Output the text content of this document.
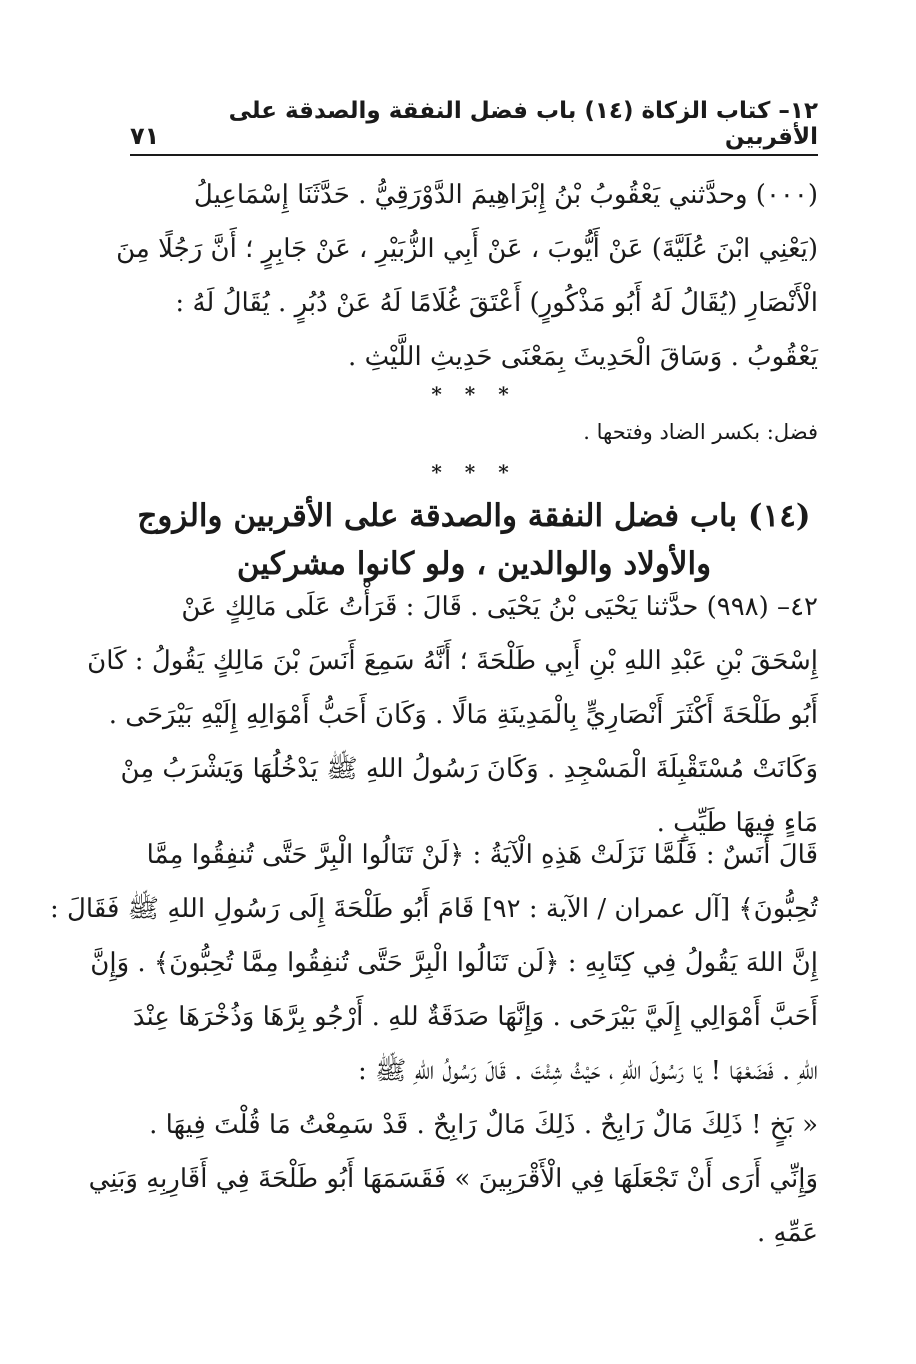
١٢– كتاب الزكاة (١٤) باب فضل النفقة والصدقة على الأقربين
٧١
(٠٠٠) وحدَّثني يَعْقُوبُ بْنُ إِبْرَاهِيمَ الدَّوْرَقِيُّ . حَدَّثَنَا إِسْمَاعِيلُ
(يَعْنِي ابْنَ عُلَيَّةَ) عَنْ أَيُّوبَ ، عَنْ أَبِي الزُّبَيْرِ ، عَنْ جَابِرٍ ؛ أَنَّ رَجُلًا مِنَ
الْأَنْصَارِ (يُقَالُ لَهُ أَبُو مَذْكُورٍ) أَعْتَقَ غُلَامًا لَهُ عَنْ دُبُرٍ . يُقَالُ لَهُ :
يَعْقُوبُ . وَسَاقَ الْحَدِيثَ بِمَعْنَى حَدِيثِ اللَّيْثِ .
* * *
فضل: بكسر الضاد وفتحها .
* * *
(١٤) باب فضل النفقة والصدقة على الأقربين والزوج
والأولاد والوالدين ، ولو كانوا مشركين
٤٢– (٩٩٨) حدَّثنا يَحْيَى بْنُ يَحْيَى . قَالَ : قَرَأْتُ عَلَى مَالِكٍ عَنْ
إِسْحَقَ بْنِ عَبْدِ اللهِ بْنِ أَبِي طَلْحَةَ ؛ أَنَّهُ سَمِعَ أَنَسَ بْنَ مَالِكٍ يَقُولُ : كَانَ
أَبُو طَلْحَةَ أَكْثَرَ أَنْصَارِيٍّ بِالْمَدِينَةِ مَالًا . وَكَانَ أَحَبُّ أَمْوَالِهِ إِلَيْهِ بَيْرَحَى .
وَكَانَتْ مُسْتَقْبِلَةَ الْمَسْجِدِ . وَكَانَ رَسُولُ اللهِ ﷺ يَدْخُلُهَا وَيَشْرَبُ مِنْ
مَاءٍ فِيهَا طَيِّبٍ .
قَالَ أَنَسٌ : فَلَمَّا نَزَلَتْ هَذِهِ الْآيَةُ : ﴿لَنْ تَنَالُوا الْبِرَّ حَتَّى تُنفِقُوا مِمَّا
تُحِبُّونَ﴾ [آل عمران / الآية : ٩٢] قَامَ أَبُو طَلْحَةَ إِلَى رَسُولِ اللهِ ﷺ فَقَالَ :
إِنَّ اللهَ يَقُولُ فِي كِتَابِهِ : ﴿لَن تَنَالُوا الْبِرَّ حَتَّى تُنفِقُوا مِمَّا تُحِبُّونَ﴾ . وَإِنَّ
أَحَبَّ أَمْوَالِي إِلَيَّ بَيْرَحَى . وَإِنَّهَا صَدَقَةٌ للهِ . أَرْجُو بِرَّهَا وَذُخْرَهَا عِنْدَ
اللهِ . فَضَعْهَا ! يَا رَسُولَ اللهِ ، حَيْثُ شِئْتَ . قَالَ رَسُولُ اللهِ ﷺ :
« بَخٍ ! ذَلِكَ مَالٌ رَابِحٌ . ذَلِكَ مَالٌ رَابِحٌ . قَدْ سَمِعْتُ مَا قُلْتَ فِيهَا .
وَإِنِّي أَرَى أَنْ تَجْعَلَهَا فِي الْأَقْرَبِينَ » فَقَسَمَهَا أَبُو طَلْحَةَ فِي أَقَارِبِهِ وَبَنِي
عَمِّهِ .
